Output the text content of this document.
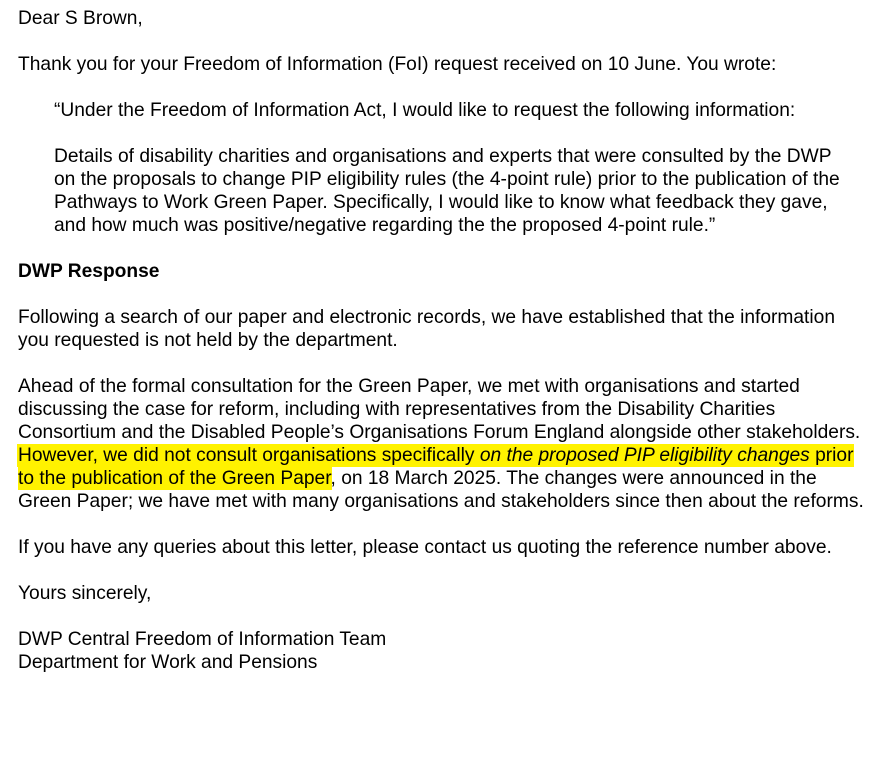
Dear S Brown,

Thank you for your Freedom of Information (FoI) request received on 10 June. You wrote:

“Under the Freedom of Information Act, I would like to request the following information:

Details of disability charities and organisations and experts that were consulted by the DWP on the proposals to change PIP eligibility rules (the 4-point rule) prior to the publication of the Pathways to Work Green Paper. Specifically, I would like to know what feedback they gave, and how much was positive/negative regarding the the proposed 4-point rule.”

DWP Response

Following a search of our paper and electronic records, we have established that the information you requested is not held by the department.

Ahead of the formal consultation for the Green Paper, we met with organisations and started discussing the case for reform, including with representatives from the Disability Charities Consortium and the Disabled People’s Organisations Forum England alongside other stakeholders. However, we did not consult organisations specifically on the proposed PIP eligibility changes prior to the publication of the Green Paper, on 18 March 2025. The changes were announced in the Green Paper; we have met with many organisations and stakeholders since then about the reforms.

If you have any queries about this letter, please contact us quoting the reference number above.

Yours sincerely,

DWP Central Freedom of Information Team

Department for Work and Pensions
